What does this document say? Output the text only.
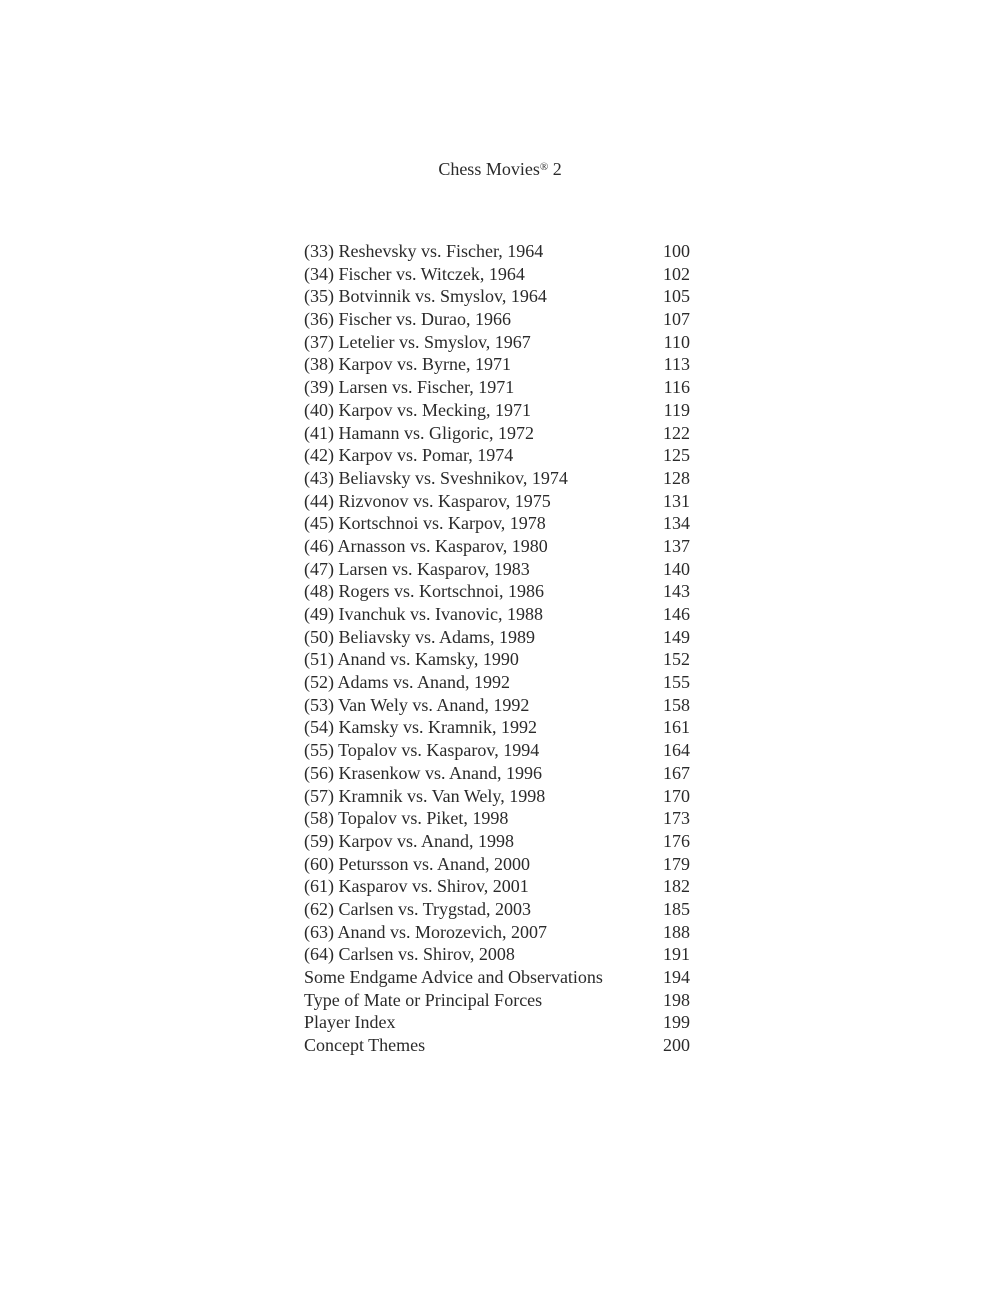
Chess Movies® 2
(33) Reshevsky vs. Fischer, 1964	100
(34) Fischer vs. Witczek, 1964	102
(35) Botvinnik vs. Smyslov, 1964	105
(36) Fischer vs. Durao, 1966	107
(37) Letelier vs. Smyslov, 1967	110
(38) Karpov vs. Byrne, 1971	113
(39) Larsen vs. Fischer, 1971	116
(40) Karpov vs. Mecking, 1971	119
(41) Hamann vs. Gligoric, 1972	122
(42) Karpov vs. Pomar, 1974	125
(43) Beliavsky vs. Sveshnikov, 1974	128
(44) Rizvonov vs. Kasparov, 1975	131
(45) Kortschnoi vs. Karpov, 1978	134
(46) Arnasson vs. Kasparov, 1980	137
(47) Larsen vs. Kasparov, 1983	140
(48) Rogers vs. Kortschnoi, 1986	143
(49) Ivanchuk vs. Ivanovic, 1988	146
(50) Beliavsky vs. Adams, 1989	149
(51) Anand vs. Kamsky, 1990	152
(52) Adams vs. Anand, 1992	155
(53) Van Wely vs. Anand, 1992	158
(54) Kamsky vs. Kramnik, 1992	161
(55) Topalov vs. Kasparov, 1994	164
(56) Krasenkow vs. Anand, 1996	167
(57) Kramnik vs. Van Wely, 1998	170
(58) Topalov vs. Piket, 1998	173
(59) Karpov vs. Anand, 1998	176
(60) Petursson vs. Anand, 2000	179
(61) Kasparov vs. Shirov, 2001	182
(62) Carlsen vs. Trygstad, 2003	185
(63) Anand vs. Morozevich, 2007	188
(64) Carlsen vs. Shirov, 2008	191
Some Endgame Advice and Observations	194
Type of Mate or Principal Forces	198
Player Index	199
Concept Themes	200
